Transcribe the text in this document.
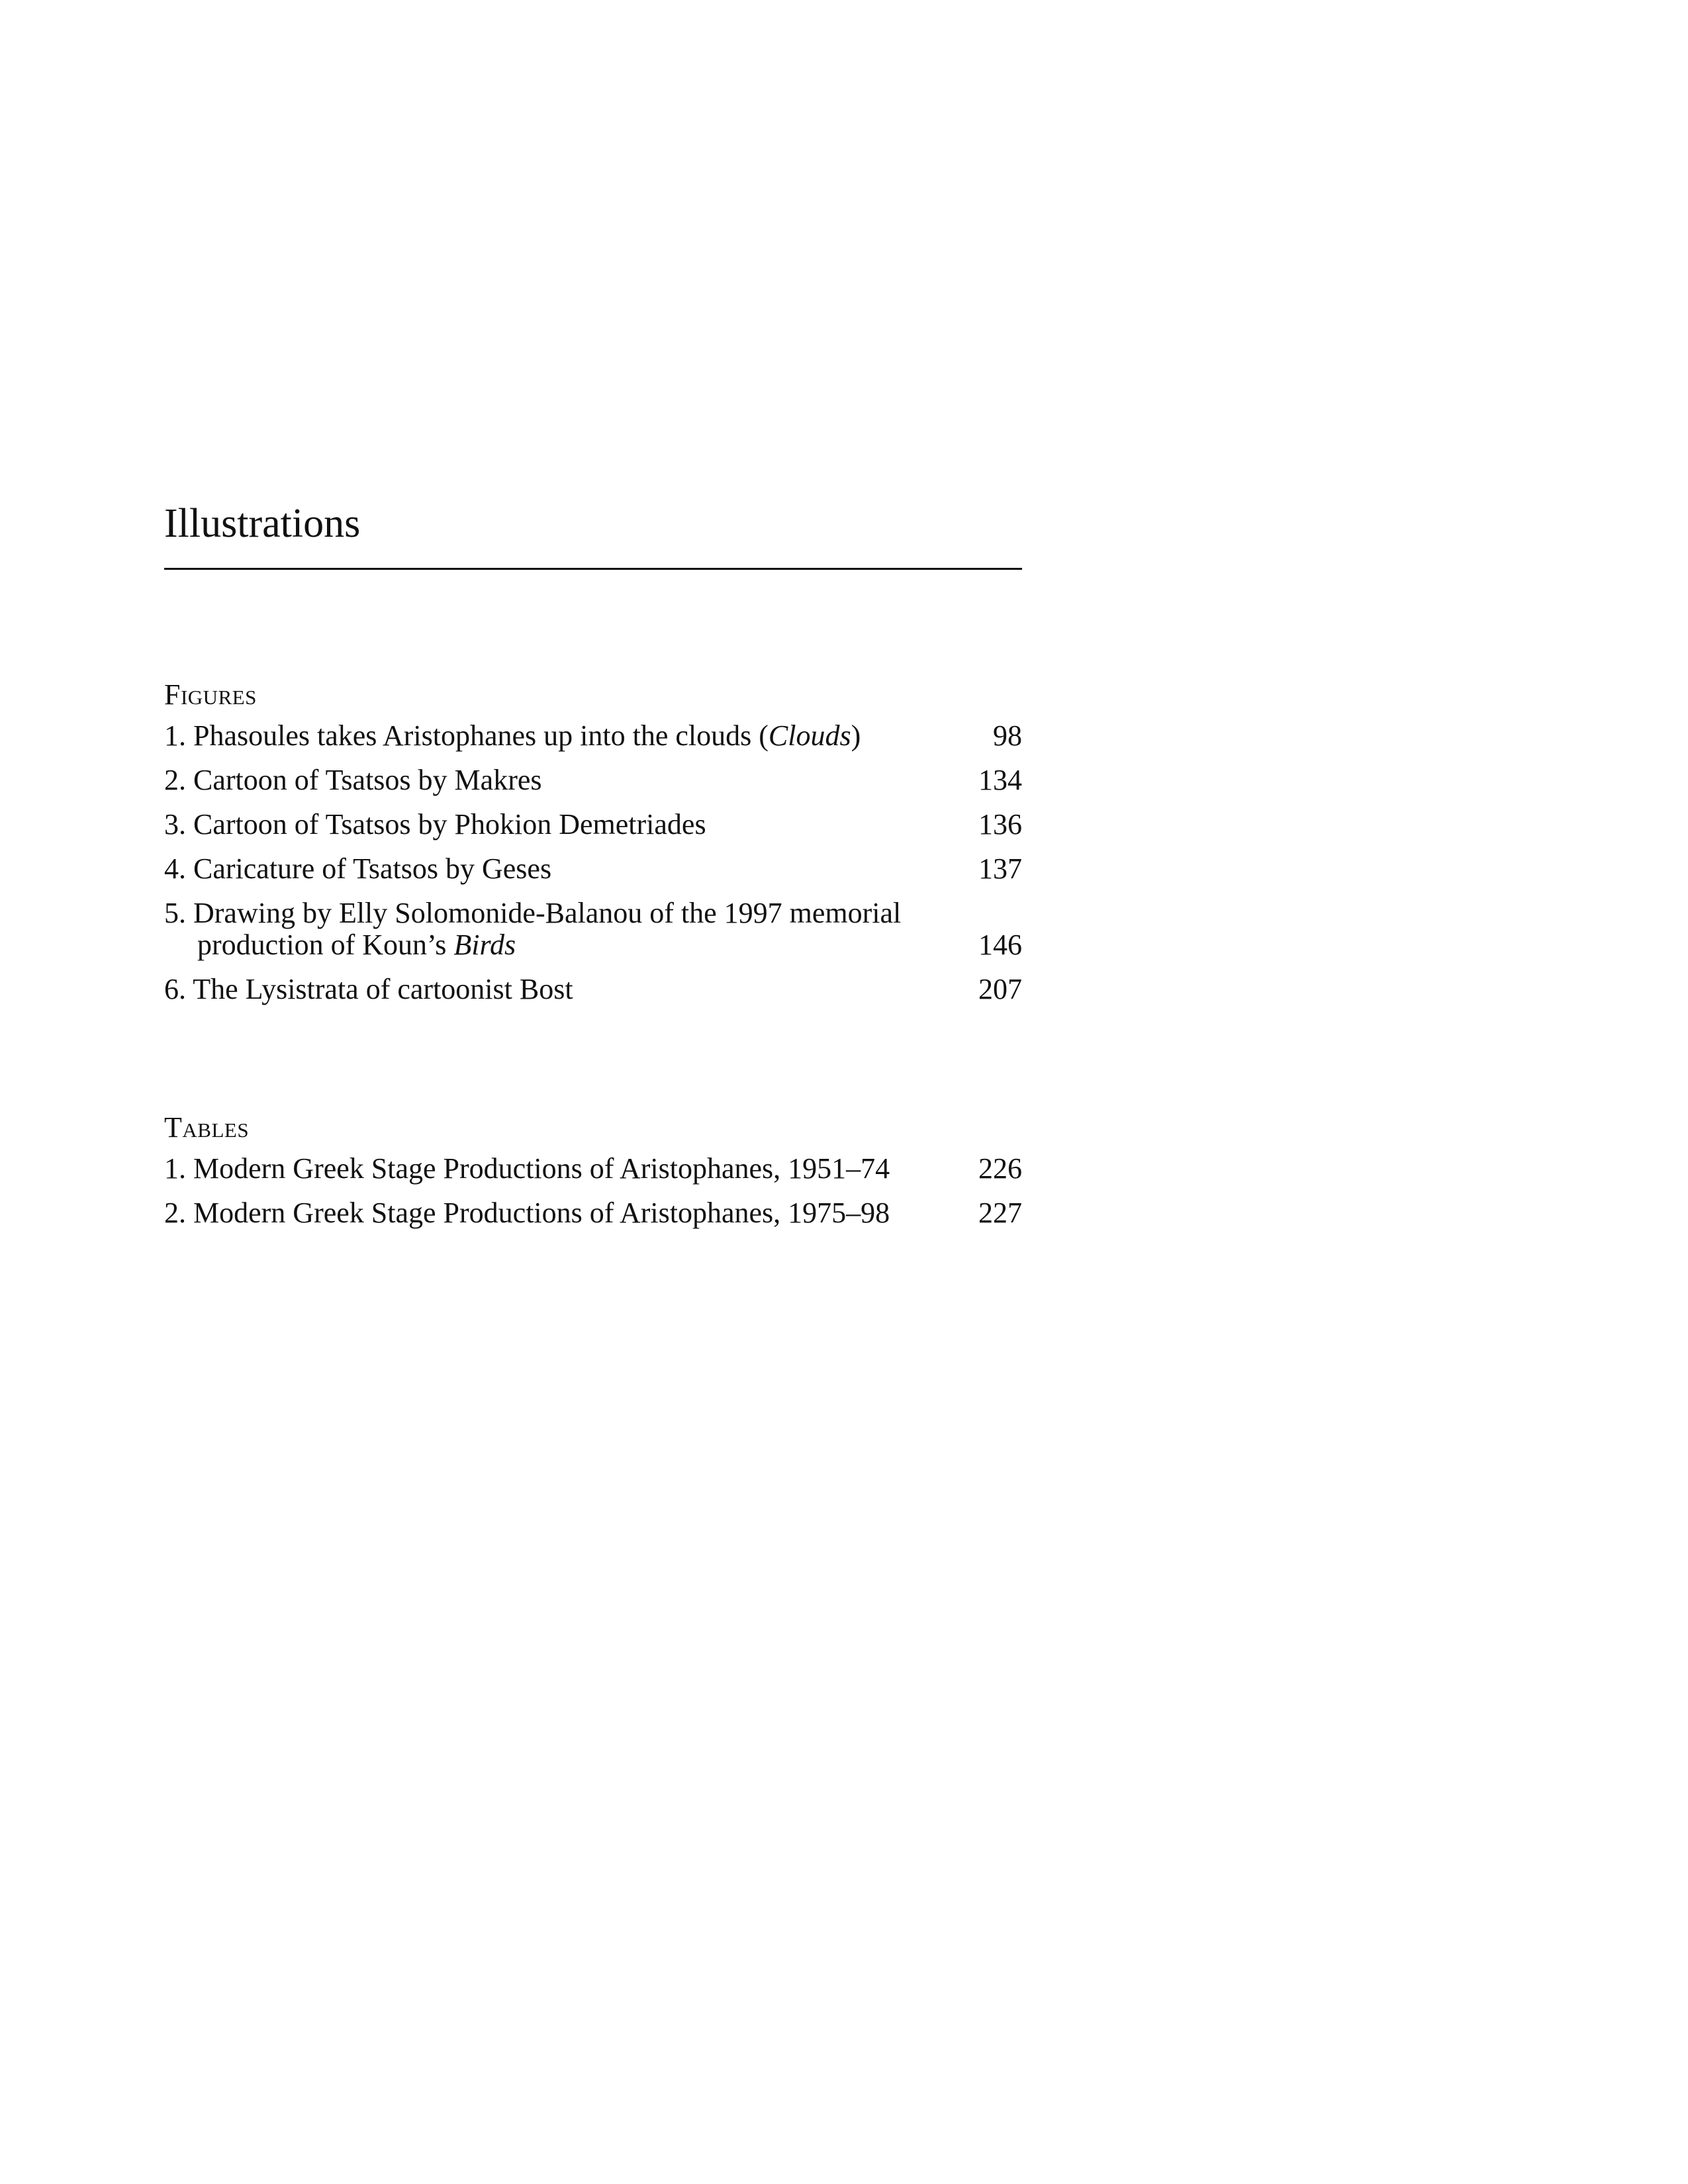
Illustrations
Figures
1. Phasoules takes Aristophanes up into the clouds (Clouds)	98
2. Cartoon of Tsatsos by Makres	134
3. Cartoon of Tsatsos by Phokion Demetriades	136
4. Caricature of Tsatsos by Geses	137
5. Drawing by Elly Solomonide-Balanou of the 1997 memorial production of Koun’s Birds	146
6. The Lysistrata of cartoonist Bost	207
Tables
1. Modern Greek Stage Productions of Aristophanes, 1951–74	226
2. Modern Greek Stage Productions of Aristophanes, 1975–98	227
